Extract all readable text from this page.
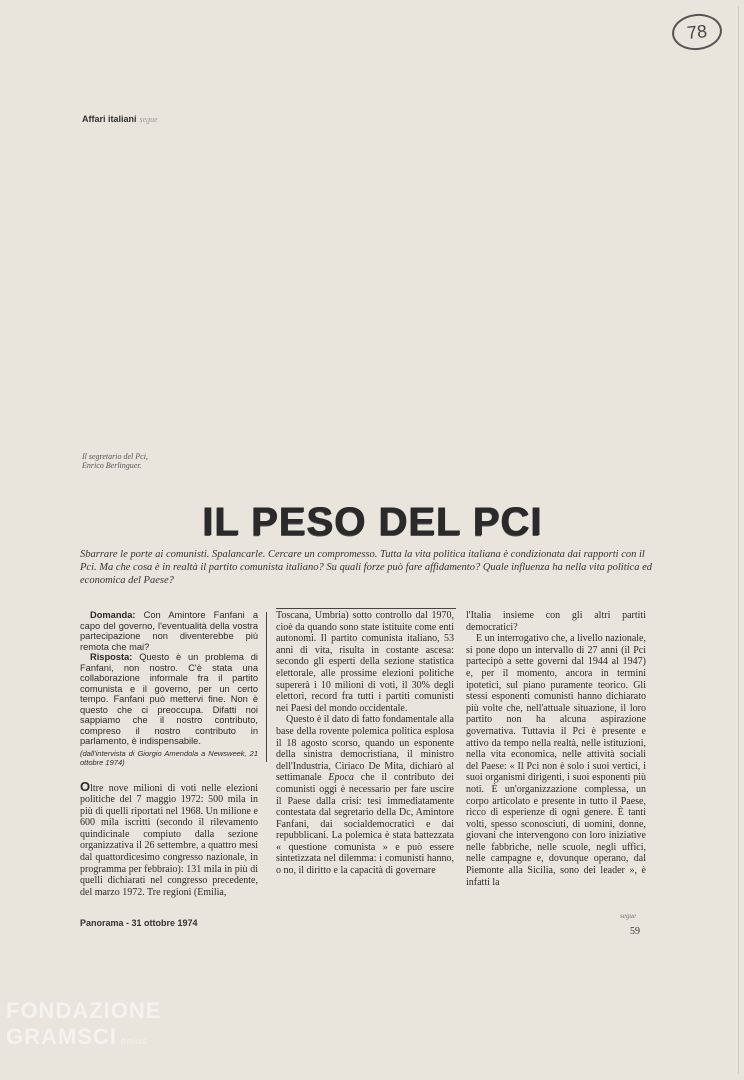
78
Affari italiani segue
Il segretario del Pci, Enrico Berlinguer.
IL PESO DEL PCI
Sbarrare le porte ai comunisti. Spalancarle. Cercare un compromesso. Tutta la vita politica italiana è condizionata dai rapporti con il Pci. Ma che cosa è in realtà il partito comunista italiano? Su quali forze può fare affidamento? Quale influenza ha nella vita politica ed economica del Paese?

Domanda: Con Amintore Fanfani a capo del governo, l'eventualità della vostra partecipazione non diventerebbe più remota che mai?

Risposta: Questo è un problema di Fanfani, non nostro. C'è stata una collaborazione informale fra il partito comunista e il governo, per un certo tempo. Fanfani può mettervi fine. Non è questo che ci preoccupa. Difatti noi sappiamo che il nostro contributo, compreso il nostro contributo in parlamento, è indispensabile.

(dall'intervista di Giorgio Amendola a Newsweek, 21 ottobre 1974)

Oltre nove milioni di voti nelle elezioni politiche del 7 maggio 1972: 500 mila in più di quelli riportati nel 1968. Un milione e 600 mila iscritti (secondo il rilevamento quindicinale compiuto dalla sezione organizzativa il 26 settembre, a quattro mesi dal quattordicesimo congresso nazionale, in programma per febbraio): 131 mila in più di quelli dichiarati nel congresso precedente, del marzo 1972. Tre regioni (Emilia,

Toscana, Umbria) sotto controllo dal 1970, cioè da quando sono state istituite come enti autonomi. Il partito comunista italiano, 53 anni di vita, risulta in costante ascesa: secondo gli esperti della sezione statistica elettorale, alle prossime elezioni politiche supererà i 10 milioni di voti, il 30% degli elettori, record fra tutti i partiti comunisti nei Paesi del mondo occidentale.

Questo è il dato di fatto fondamentale alla base della rovente polemica politica esplosa il 18 agosto scorso, quando un esponente della sinistra democristiana, il ministro dell'Industria, Ciriaco De Mita, dichiarò al settimanale Epoca che il contributo dei comunisti oggi è necessario per fare uscire il Paese dalla crisi: tesi immediatamente contestata dal segretario della Dc, Amintore Fanfani, dai socialdemocratici e dai repubblicani. La polemica è stata battezzata « questione comunista » e può essere sintetizzata nel dilemma: i comunisti hanno, o no, il diritto e la capacità di governare

l'Italia insieme con gli altri partiti democratici?

E un interrogativo che, a livello nazionale, si pone dopo un intervallo di 27 anni (il Pci partecipò a sette governi dal 1944 al 1947) e, per il momento, ancora in termini ipotetici, sul piano puramente teorico. Gli stessi esponenti comunisti hanno dichiarato più volte che, nell'attuale situazione, il loro partito non ha alcuna aspirazione governativa. Tuttavia il Pci è presente e attivo da tempo nella realtà, nelle istituzioni, nella vita economica, nelle attività sociali del Paese: « Il Pci non è solo i suoi vertici, i suoi organismi dirigenti, i suoi esponenti più noti. È un'organizzazione complessa, un corpo articolato e presente in tutto il Paese, ricco di esperienze di ogni genere. È tanti volti, spesso sconosciuti, di uomini, donne, giovani che intervengono con loro iniziative nelle fabbriche, nelle scuole, negli uffici, nelle campagne e, dovunque operano, dal Piemonte alla Sicilia, sono dei leader », è infatti la

Panorama - 31 ottobre 1974
segue
59
FONDAZIONE
GRAMSCI onlus
